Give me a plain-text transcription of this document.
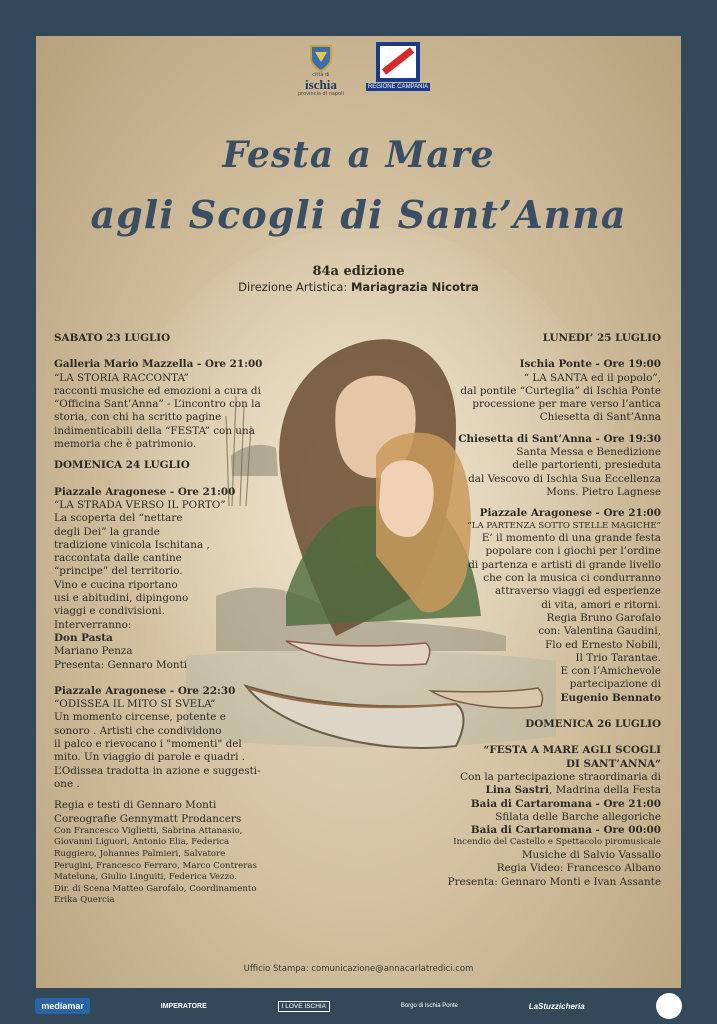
città di
ischia
provincia di napoli
REGIONE CAMPANIA
Festa a Mare
agli Scogli di Sant’Anna
84a edizione
Direzione Artistica: Mariagrazia Nicotra

SABATO 23 LUGLIO

Galleria Mario Mazzella - Ore 21:00

“LA STORIA RACCONTA”

racconti musiche ed emozioni a cura di

“Officina Sant’Anna” - L’incontro con la

storia, con chi ha scritto pagine

indimenticabili della “FESTA” con una

memoria che è patrimonio.

DOMENICA 24 LUGLIO

Piazzale Aragonese - Ore 21:00

“LA STRADA VERSO IL PORTO”

La scoperta del “nettare

degli Dei” la grande

tradizione vinicola Ischitana ,

raccontata dalle cantine

“principe” del territorio.

Vino e cucina riportano

usi e abitudini, dipingono

viaggi e condivisioni.

Interverranno:

Don Pasta

Mariano Penza

Presenta: Gennaro Monti

Piazzale Aragonese - Ore 22:30

“ODISSEA IL MITO SI SVELA”

Un momento circense, potente e

sonoro . Artisti che condividono

il palco e rievocano i "momenti" del

mito. Un viaggio di parole e quadri .

L’Odissea tradotta in azione e suggesti-

one .

Regia e testi di Gennaro Monti

Coreografie Gennymatt Prodancers

Con Francesco Viglietti, Sabrina Attanasio,

Giovanni Liguori, Antonio Elia, Federica

Ruggiero, Johannes Palmieri, Salvatore

Perugini, Francesco Ferraro, Marco Contreras

Mateluna, Giulio Linguiti, Federica Vezzo.

Dir. di Scena Matteo Garofalo, Coordinamento

Erika Quercia

LUNEDI’ 25 LUGLIO

Ischia Ponte - Ore 19:00

“ LA SANTA ed il popolo”,

dal pontile “Curteglia” di Ischia Ponte

processione per mare verso l’antica

Chiesetta di Sant’Anna

Chiesetta di Sant’Anna - Ore 19:30

Santa Messa e Benedizione

delle partorienti, presieduta

dal Vescovo di Ischia Sua Eccellenza

Mons. Pietro Lagnese

Piazzale Aragonese - Ore 21:00

“LA PARTENZA SOTTO STELLE MAGICHE”

E’ il momento di una grande festa

popolare con i giochi per l’ordine

di partenza e artisti di grande livello

che con la musica ci condurranno

attraverso viaggi ed esperienze

di vita, amori e ritorni.

Regia Bruno Garofalo

con: Valentina Gaudini,

Flo ed Ernesto Nobili,

Il Trio Tarantae.

E con l’Amichevole

partecipazione di

Eugenio Bennato

DOMENICA 26 LUGLIO

“FESTA A MARE AGLI SCOGLI

DI SANT’ANNA“

Con la partecipazione straordinaria di

Lina Sastri, Madrina della Festa

Baia di Cartaromana - Ore 21:00

Sfilata delle Barche allegoriche

Baia di Cartaromana - Ore 00:00

Incendio del Castello e Spettacolo piromusicale

Musiche di Salvio Vassallo

Regia Video: Francesco Albano

Presenta: Gennaro Monti e Ivan Assante

Ufficio Stampa: comunicazione@annacarlatredici.com
mediamar	IMPERATORE	I LOVE ISCHIA	Borgo di Ischia Ponte	LaStuzzicheria
